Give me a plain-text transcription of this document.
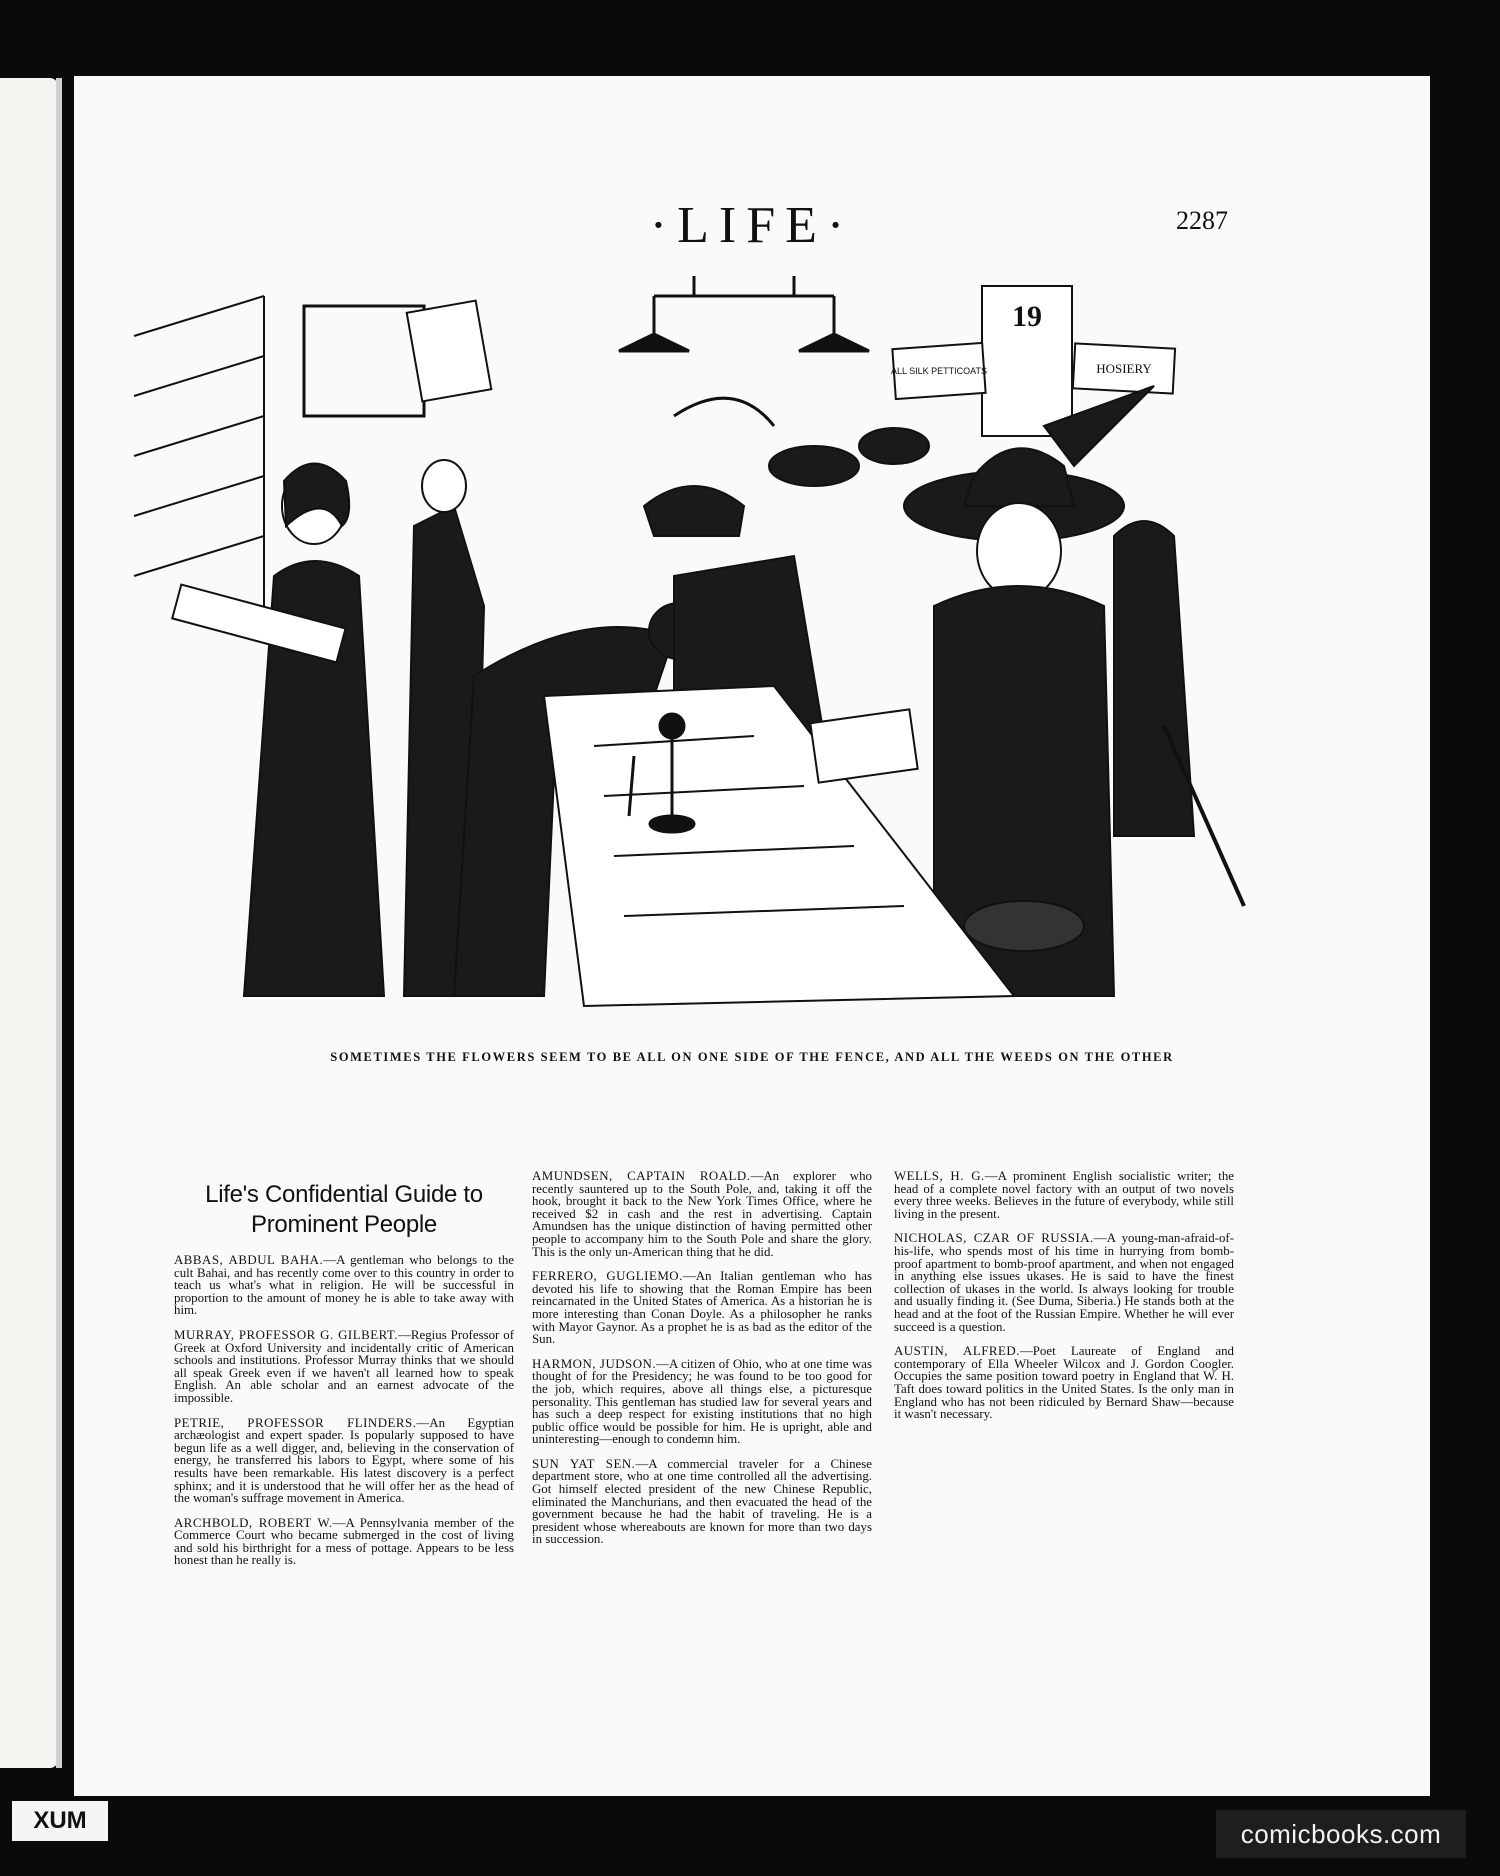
·LIFE·	2287
19
ALL SILK PETTICOATS	HOSIERY
SOMETIMES THE FLOWERS SEEM TO BE ALL ON ONE SIDE OF THE FENCE, AND ALL THE WEEDS ON THE OTHER
Life's Confidential Guide to Prominent People

ABBAS, ABDUL BAHA.—A gentleman who belongs to the cult Bahai, and has recently come over to this country in order to teach us what's what in religion. He will be successful in proportion to the amount of money he is able to take away with him.

MURRAY, PROFESSOR G. GILBERT.—Regius Professor of Greek at Oxford University and incidentally critic of American schools and institutions. Professor Murray thinks that we should all speak Greek even if we haven't all learned how to speak English. An able scholar and an earnest advocate of the impossible.

PETRIE, PROFESSOR FLINDERS.—An Egyptian archæologist and expert spader. Is popularly supposed to have begun life as a well digger, and, believing in the conservation of energy, he transferred his labors to Egypt, where some of his results have been remarkable. His latest discovery is a perfect sphinx; and it is understood that he will offer her as the head of the woman's suffrage movement in America.

ARCHBOLD, ROBERT W.—A Pennsylvania member of the Commerce Court who became submerged in the cost of living and sold his birthright for a mess of pottage. Appears to be less honest than he really is.

AMUNDSEN, CAPTAIN ROALD.—An explorer who recently sauntered up to the South Pole, and, taking it off the hook, brought it back to the New York Times Office, where he received $2 in cash and the rest in advertising. Captain Amundsen has the unique distinction of having permitted other people to accompany him to the South Pole and share the glory. This is the only un-American thing that he did.

FERRERO, GUGLIEMO.—An Italian gentleman who has devoted his life to showing that the Roman Empire has been reincarnated in the United States of America. As a historian he is more interesting than Conan Doyle. As a philosopher he ranks with Mayor Gaynor. As a prophet he is as bad as the editor of the Sun.

HARMON, JUDSON.—A citizen of Ohio, who at one time was thought of for the Presidency; he was found to be too good for the job, which requires, above all things else, a picturesque personality. This gentleman has studied law for several years and has such a deep respect for existing institutions that no high public office would be possible for him. He is upright, able and uninteresting—enough to condemn him.

SUN YAT SEN.—A commercial traveler for a Chinese department store, who at one time controlled all the advertising. Got himself elected president of the new Chinese Republic, eliminated the Manchurians, and then evacuated the head of the government because he had the habit of traveling. He is a president whose whereabouts are known for more than two days in succession.

WELLS, H. G.—A prominent English socialistic writer; the head of a complete novel factory with an output of two novels every three weeks. Believes in the future of everybody, while still living in the present.

NICHOLAS, CZAR OF RUSSIA.—A young-man-afraid-of-his-life, who spends most of his time in hurrying from bomb-proof apartment to bomb-proof apartment, and when not engaged in anything else issues ukases. He is said to have the finest collection of ukases in the world. Is always looking for trouble and usually finding it. (See Duma, Siberia.) He stands both at the head and at the foot of the Russian Empire. Whether he will ever succeed is a question.

AUSTIN, ALFRED.—Poet Laureate of England and contemporary of Ella Wheeler Wilcox and J. Gordon Coogler. Occupies the same position toward poetry in England that W. H. Taft does toward politics in the United States. Is the only man in England who has not been ridiculed by Bernard Shaw—because it wasn't necessary.

XUM	comicbooks.com
